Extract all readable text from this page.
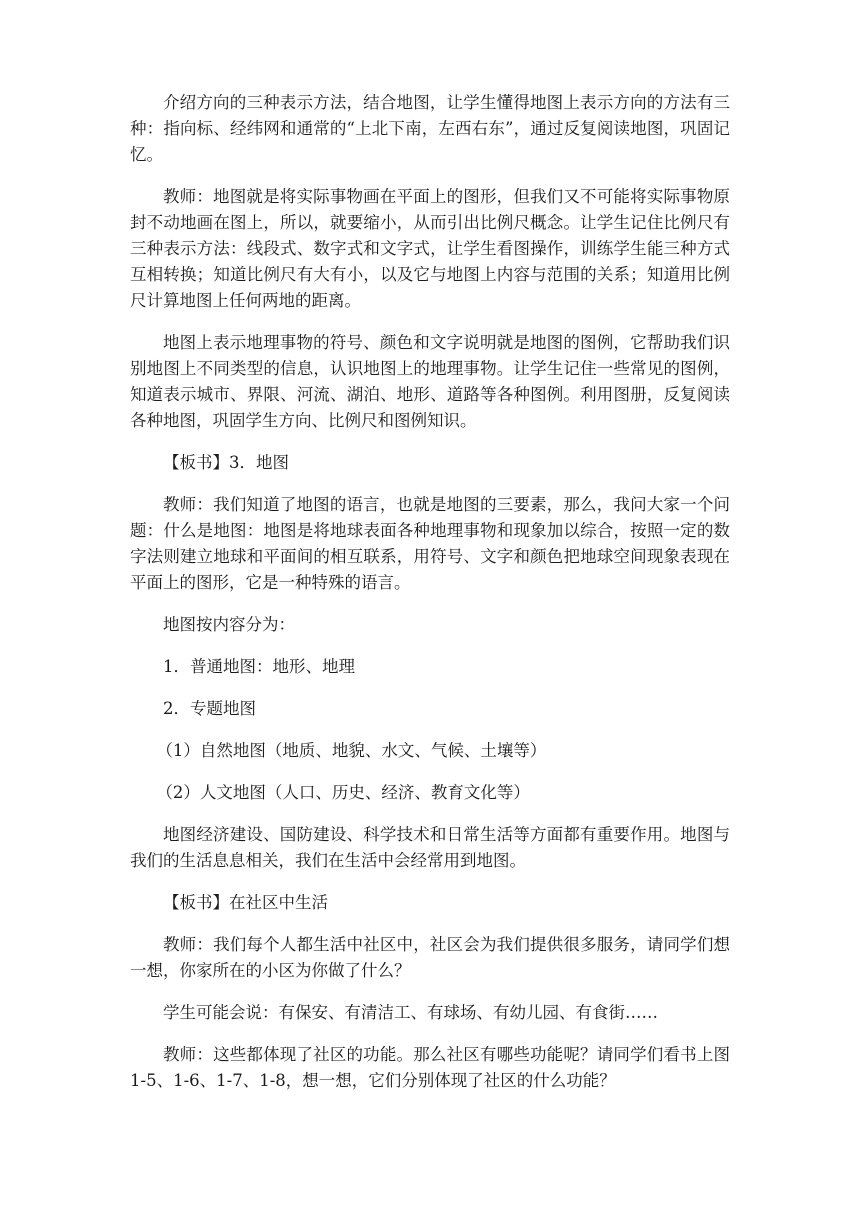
介绍方向的三种表示方法，结合地图，让学生懂得地图上表示方向的方法有三种：指向标、经纬网和通常的“上北下南，左西右东”，通过反复阅读地图，巩固记忆。

教师：地图就是将实际事物画在平面上的图形，但我们又不可能将实际事物原封不动地画在图上，所以，就要缩小，从而引出比例尺概念。让学生记住比例尺有三种表示方法：线段式、数字式和文字式，让学生看图操作，训练学生能三种方式互相转换；知道比例尺有大有小，以及它与地图上内容与范围的关系；知道用比例尺计算地图上任何两地的距离。

地图上表示地理事物的符号、颜色和文字说明就是地图的图例，它帮助我们识别地图上不同类型的信息，认识地图上的地理事物。让学生记住一些常见的图例，知道表示城市、界限、河流、湖泊、地形、道路等各种图例。利用图册，反复阅读各种地图，巩固学生方向、比例尺和图例知识。

【板书】3．地图

教师：我们知道了地图的语言，也就是地图的三要素，那么，我问大家一个问题：什么是地图：地图是将地球表面各种地理事物和现象加以综合，按照一定的数字法则建立地球和平面间的相互联系，用符号、文字和颜色把地球空间现象表现在平面上的图形，它是一种特殊的语言。

地图按内容分为：

1．普通地图：地形、地理

2．专题地图

（1）自然地图（地质、地貌、水文、气候、土壤等）

（2）人文地图（人口、历史、经济、教育文化等）

地图经济建设、国防建设、科学技术和日常生活等方面都有重要作用。地图与我们的生活息息相关，我们在生活中会经常用到地图。

【板书】在社区中生活

教师：我们每个人都生活中社区中，社区会为我们提供很多服务，请同学们想一想，你家所在的小区为你做了什么？

学生可能会说：有保安、有清洁工、有球场、有幼儿园、有食街……

教师：这些都体现了社区的功能。那么社区有哪些功能呢？请同学们看书上图 1-5、1-6、1-7、1-8，想一想，它们分别体现了社区的什么功能？
